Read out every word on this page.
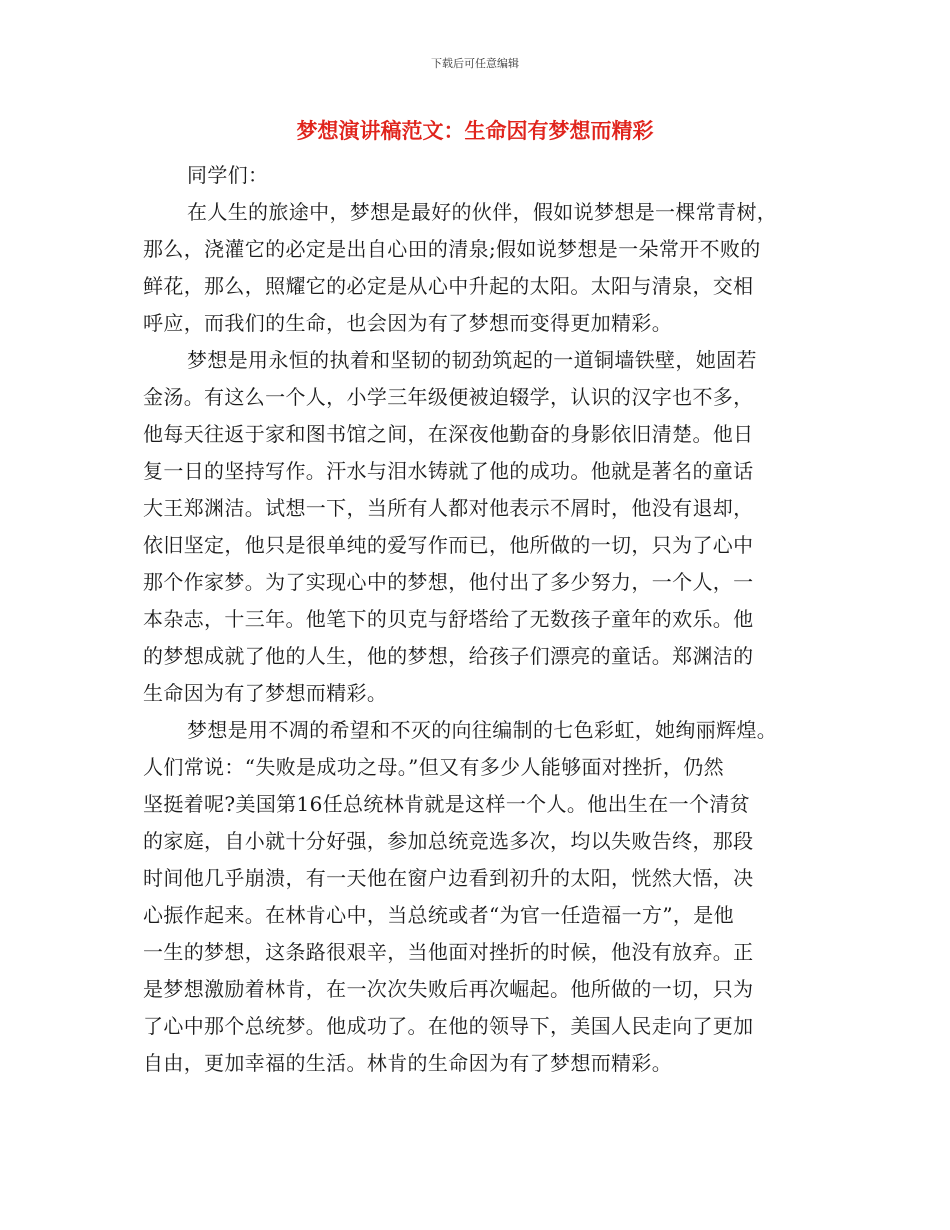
下载后可任意编辑
梦想演讲稿范文：生命因有梦想而精彩
同学们：
在人生的旅途中，梦想是最好的伙伴，假如说梦想是一棵常青树，
那么，浇灌它的必定是出自心田的清泉;假如说梦想是一朵常开不败的
鲜花，那么，照耀它的必定是从心中升起的太阳。太阳与清泉，交相
呼应，而我们的生命，也会因为有了梦想而变得更加精彩。
梦想是用永恒的执着和坚韧的韧劲筑起的一道铜墙铁壁，她固若
金汤。有这么一个人，小学三年级便被迫辍学，认识的汉字也不多，
他每天往返于家和图书馆之间，在深夜他勤奋的身影依旧清楚。他日
复一日的坚持写作。汗水与泪水铸就了他的成功。他就是著名的童话
大王郑渊洁。试想一下，当所有人都对他表示不屑时，他没有退却，
依旧坚定，他只是很单纯的爱写作而已，他所做的一切，只为了心中
那个作家梦。为了实现心中的梦想，他付出了多少努力，一个人，一
本杂志，十三年。他笔下的贝克与舒塔给了无数孩子童年的欢乐。他
的梦想成就了他的人生，他的梦想，给孩子们漂亮的童话。郑渊洁的
生命因为有了梦想而精彩。
梦想是用不凋的希望和不灭的向往编制的七色彩虹，她绚丽辉煌。
人们常说：“失败是成功之母。”但又有多少人能够面对挫折，仍然
坚挺着呢?美国第16任总统林肯就是这样一个人。他出生在一个清贫
的家庭，自小就十分好强，参加总统竞选多次，均以失败告终，那段
时间他几乎崩溃，有一天他在窗户边看到初升的太阳，恍然大悟，决
心振作起来。在林肯心中，当总统或者“为官一任造福一方”，是他
一生的梦想，这条路很艰辛，当他面对挫折的时候，他没有放弃。正
是梦想激励着林肯，在一次次失败后再次崛起。他所做的一切，只为
了心中那个总统梦。他成功了。在他的领导下，美国人民走向了更加
自由，更加幸福的生活。林肯的生命因为有了梦想而精彩。
